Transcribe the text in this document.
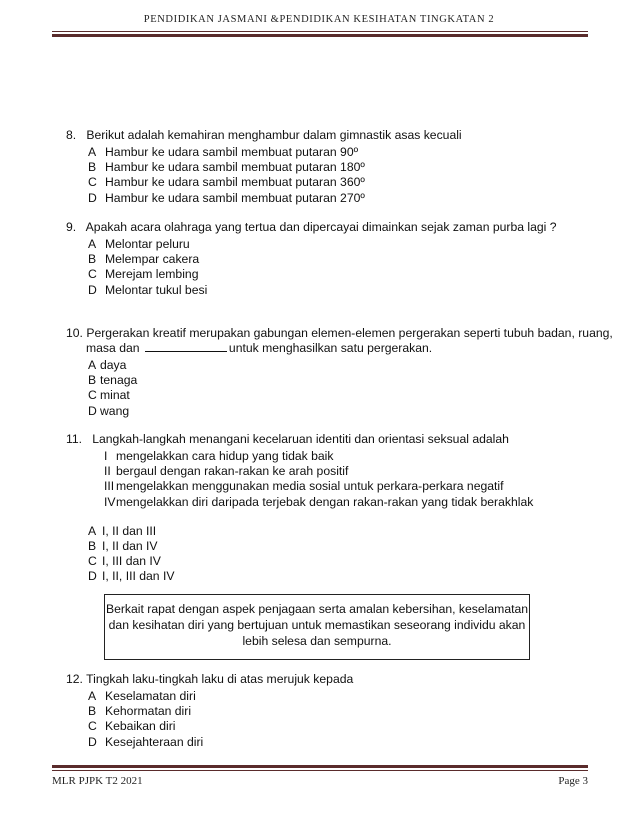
PENDIDIKAN JASMANI &PENDIDIKAN KESIHATAN TINGKATAN 2
8. Berikut adalah kemahiran menghambur dalam gimnastik asas kecuali
A Hambur ke udara sambil membuat putaran 90º
B Hambur ke udara sambil membuat putaran 180º
C Hambur ke udara sambil membuat putaran 360º
D Hambur ke udara sambil membuat putaran 270º
9. Apakah acara olahraga yang tertua dan dipercayai dimainkan sejak zaman purba lagi ?
A Melontar peluru
B Melempar cakera
C Merejam lembing
D Melontar tukul besi
10. Pergerakan kreatif merupakan gabungan elemen-elemen pergerakan seperti tubuh badan, ruang,
masa dan	untuk menghasilkan satu pergerakan.
A daya
B tenaga
C minat
D wang
11. Langkah-langkah menangani kecelaruan identiti dan orientasi seksual adalah
I mengelakkan cara hidup yang tidak baik
II bergaul dengan rakan-rakan ke arah positif
III mengelakkan menggunakan media sosial untuk perkara-perkara negatif
IVmengelakkan diri daripada terjebak dengan rakan-rakan yang tidak berakhlak
A I, II dan III
B I, II dan IV
C I, III dan IV
D I, II, III dan IV
Berkait rapat dengan aspek penjagaan serta amalan kebersihan, keselamatan
dan kesihatan diri yang bertujuan untuk memastikan seseorang individu akan
lebih selesa dan sempurna.
12. Tingkah laku-tingkah laku di atas merujuk kepada
A Keselamatan diri
B Kehormatan diri
C Kebaikan diri
D Kesejahteraan diri
MLR PJPK T2 2021	Page 3
